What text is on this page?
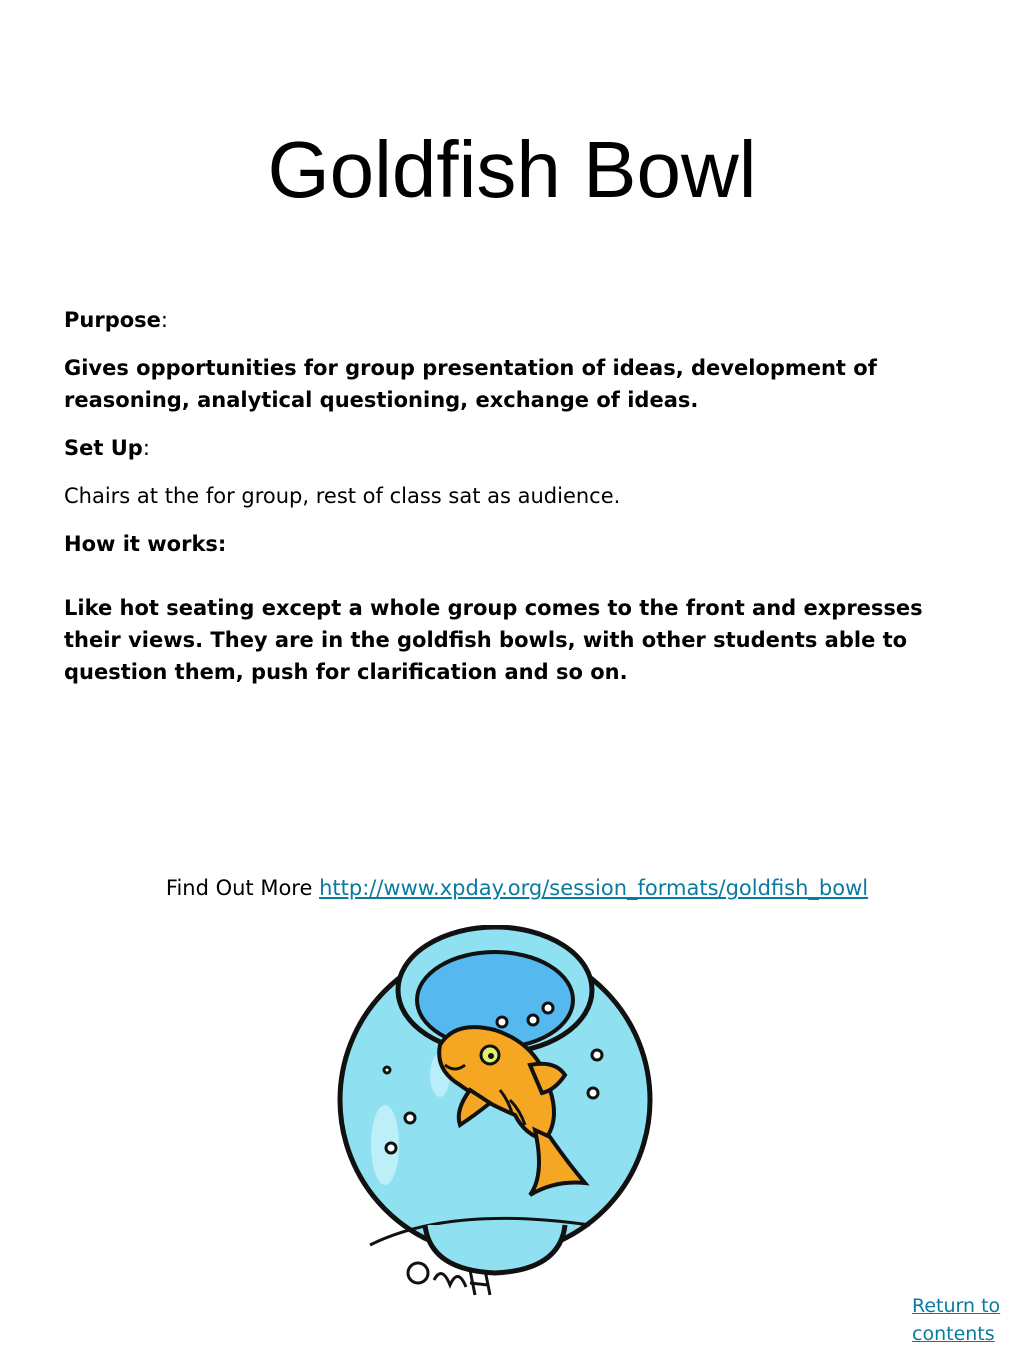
Goldfish Bowl

Purpose:

Gives opportunities for group presentation of ideas, development of reasoning, analytical questioning, exchange of ideas.

Set Up:

Chairs at the for group, rest of class sat as audience.

How it works:

Like hot seating except a whole group comes to the front and expresses their views. They are in the goldfish bowls, with other students able to question them, push for clarification and so on.

Find Out More http://www.xpday.org/session_formats/goldfish_bowl
©MH
Return to
contents
